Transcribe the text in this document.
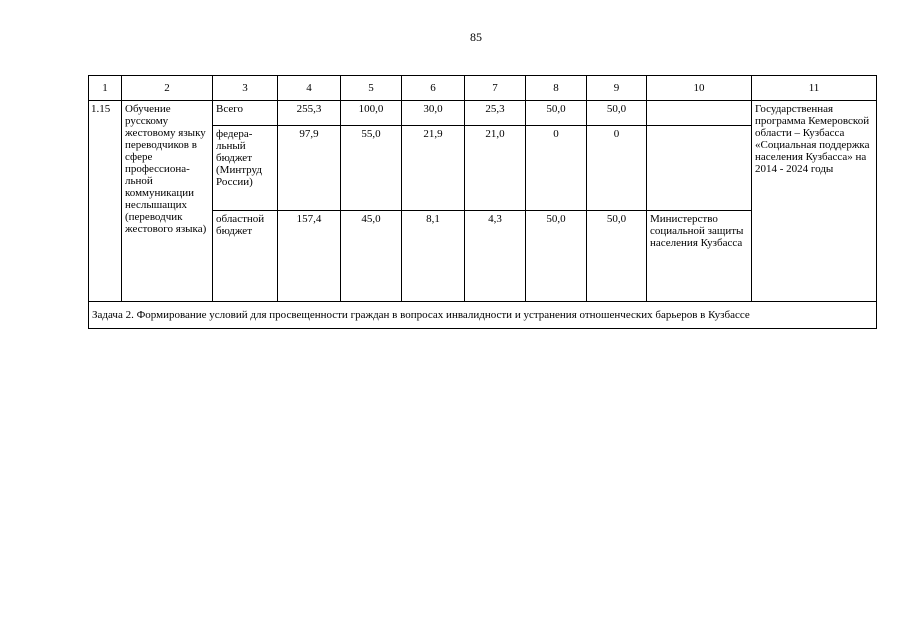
85
1	2	3	4	5	6	7	8	9	10	11
1.15	Обучение русскому жестовому языку переводчиков в сфере профессиона-льной коммуникации неслышащих (переводчик жестового языка)	Всего	255,3	100,0	30,0	25,3	50,0	50,0		Государственная программа Кемеровской области – Кузбасса «Социальная поддержка населения Кузбасса» на 2014 - 2024 годы
		федера-льный бюджет (Минтруд России)	97,9	55,0	21,9	21,0	0	0		
		областной бюджет	157,4	45,0	8,1	4,3	50,0	50,0	Министерство социальной защиты населения Кузбасса	
Задача 2. Формирование условий для просвещенности граждан в вопросах инвалидности и устранения отношенческих барьеров в Кузбассе										
